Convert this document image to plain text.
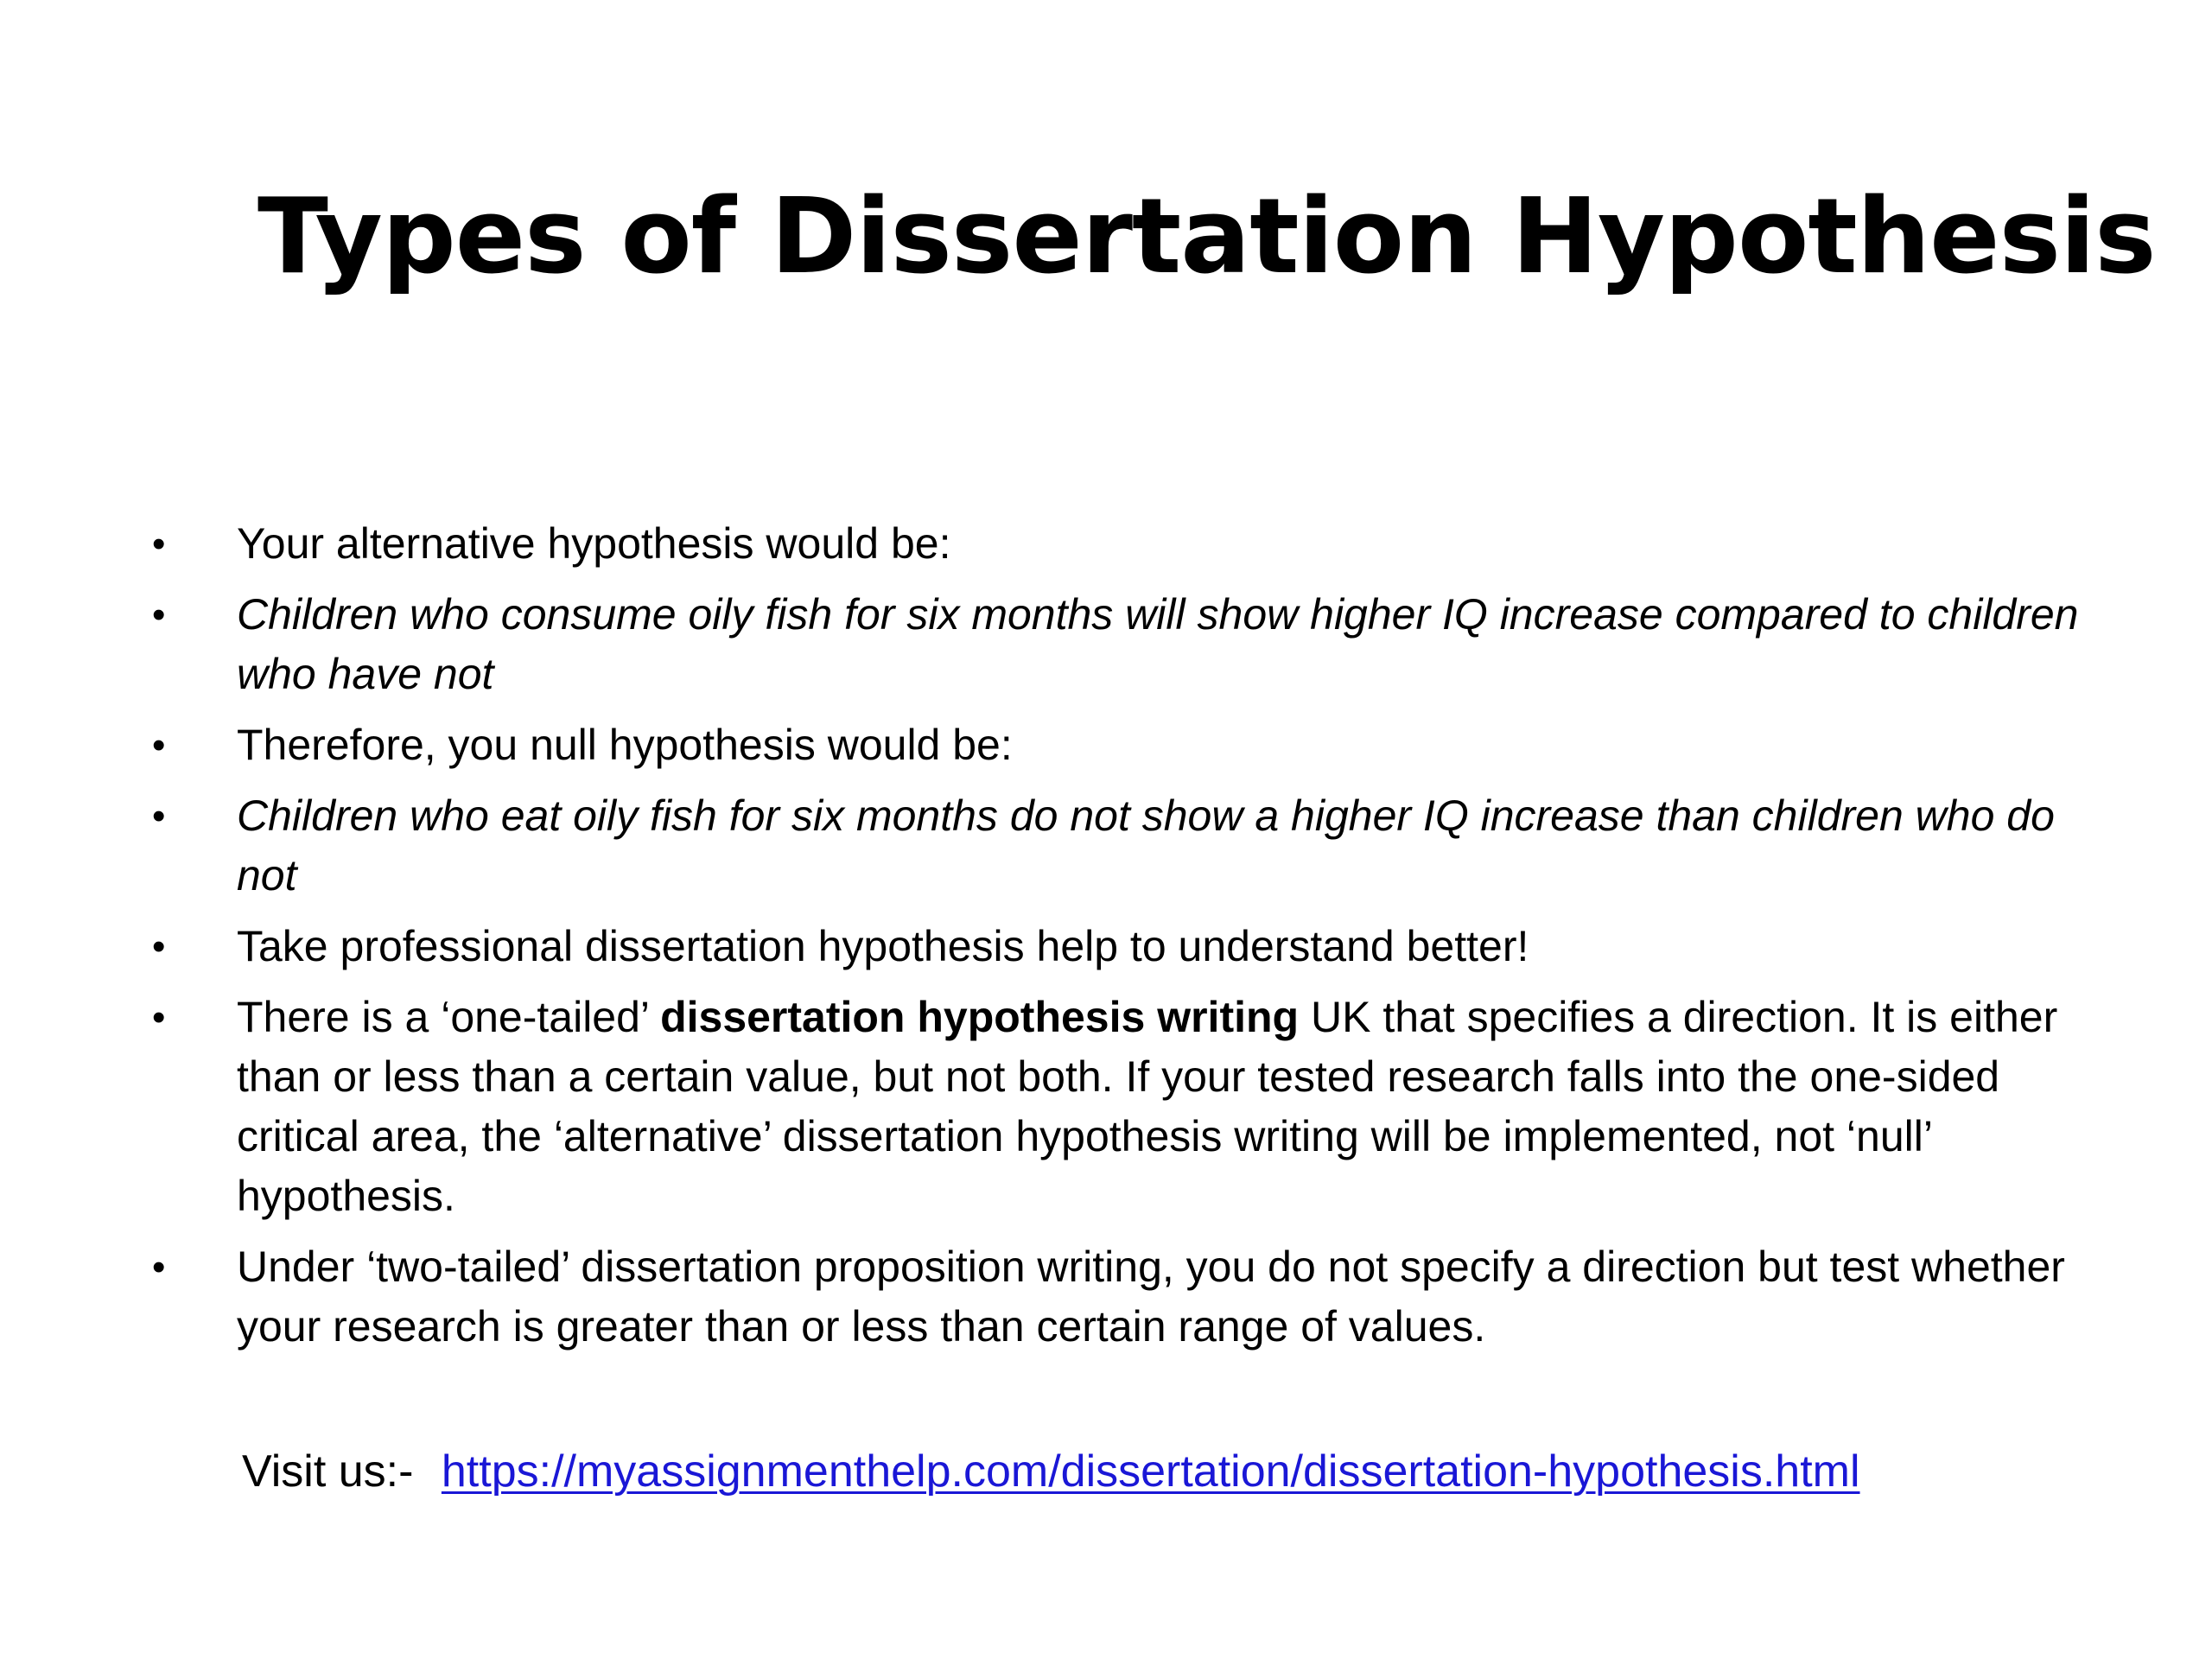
Types of Dissertation Hypothesis
• Your alternative hypothesis would be:
• Children who consume oily fish for six months will show higher IQ increase compared to children who have not
• Therefore, you null hypothesis would be:
• Children who eat oily fish for six months do not show a higher IQ increase than children who do not
• Take professional dissertation hypothesis help to understand better!
• There is a ‘one-tailed’ dissertation hypothesis writing UK that specifies a direction. It is either than or less than a certain value, but not both. If your tested research falls into the one-sided critical area, the ‘alternative’ dissertation hypothesis writing will be implemented, not ‘null’ hypothesis.
• Under ‘two-tailed’ dissertation proposition writing, you do not specify a direction but test whether your research is greater than or less than certain range of values.
Visit us:- https://myassignmenthelp.com/dissertation/dissertation-hypothesis.html
